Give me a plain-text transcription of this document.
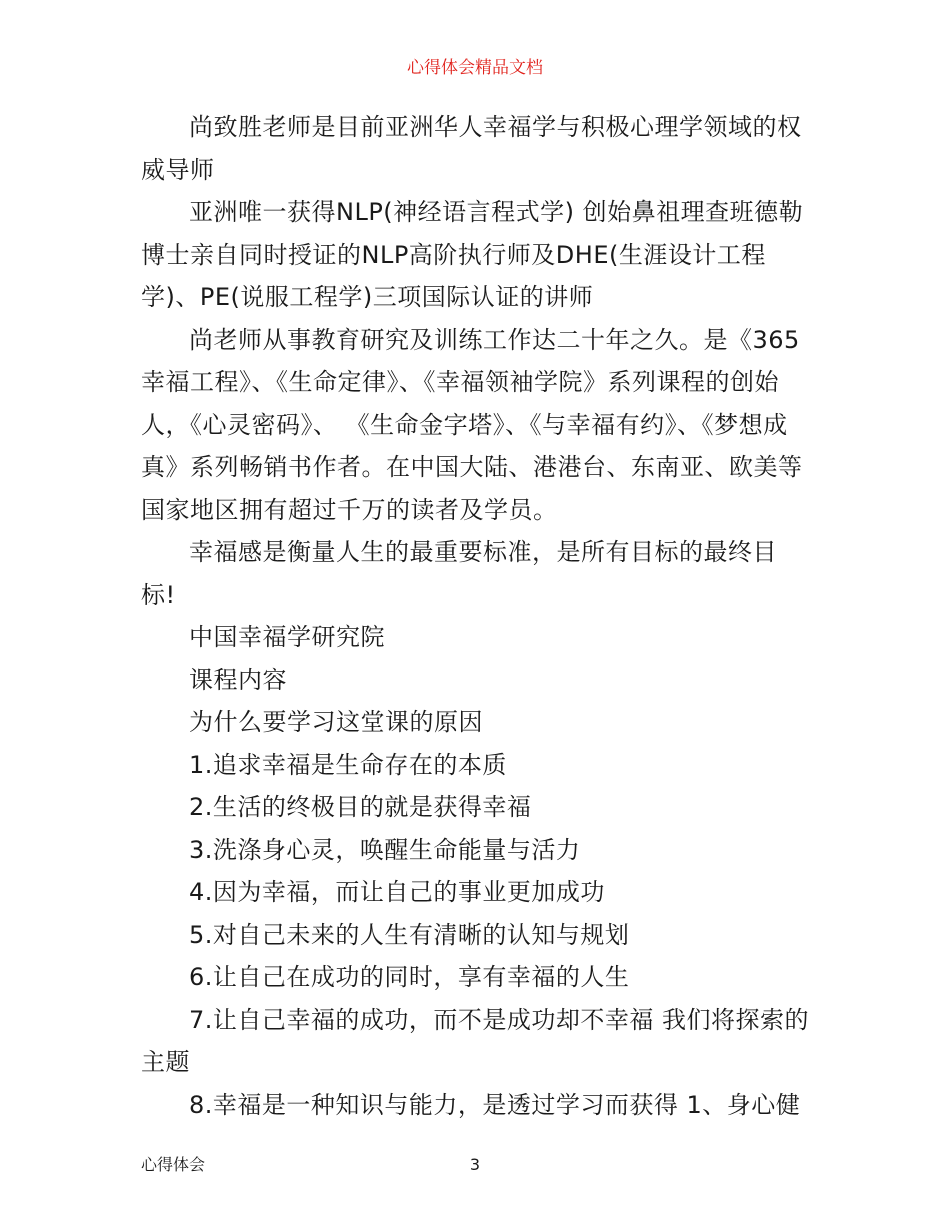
心得体会精品文档

尚致胜老师是目前亚洲华人幸福学与积极心理学领域的权威导师

亚洲唯一获得NLP(神经语言程式学) 创始鼻祖理查班德勒博士亲自同时授证的NLP高阶执行师及DHE(生涯设计工程学)、PE(说服工程学)三项国际认证的讲师

尚老师从事教育研究及训练工作达二十年之久。是《365幸福工程》、《生命定律》、《幸福领袖学院》系列课程的创始人，《心灵密码》、 《生命金字塔》、《与幸福有约》、《梦想成真》系列畅销书作者。在中国大陆、港港台、东南亚、欧美等国家地区拥有超过千万的读者及学员。

幸福感是衡量人生的最重要标准，是所有目标的最终目标!

中国幸福学研究院

课程内容

为什么要学习这堂课的原因

1.追求幸福是生命存在的本质

2.生活的终极目的就是获得幸福

3.洗涤身心灵，唤醒生命能量与活力

4.因为幸福，而让自己的事业更加成功

5.对自己未来的人生有清晰的认知与规划

6.让自己在成功的同时，享有幸福的人生

7.让自己幸福的成功，而不是成功却不幸福 我们将探索的主题

8.幸福是一种知识与能力，是透过学习而获得 1、身心健

心得体会	3
